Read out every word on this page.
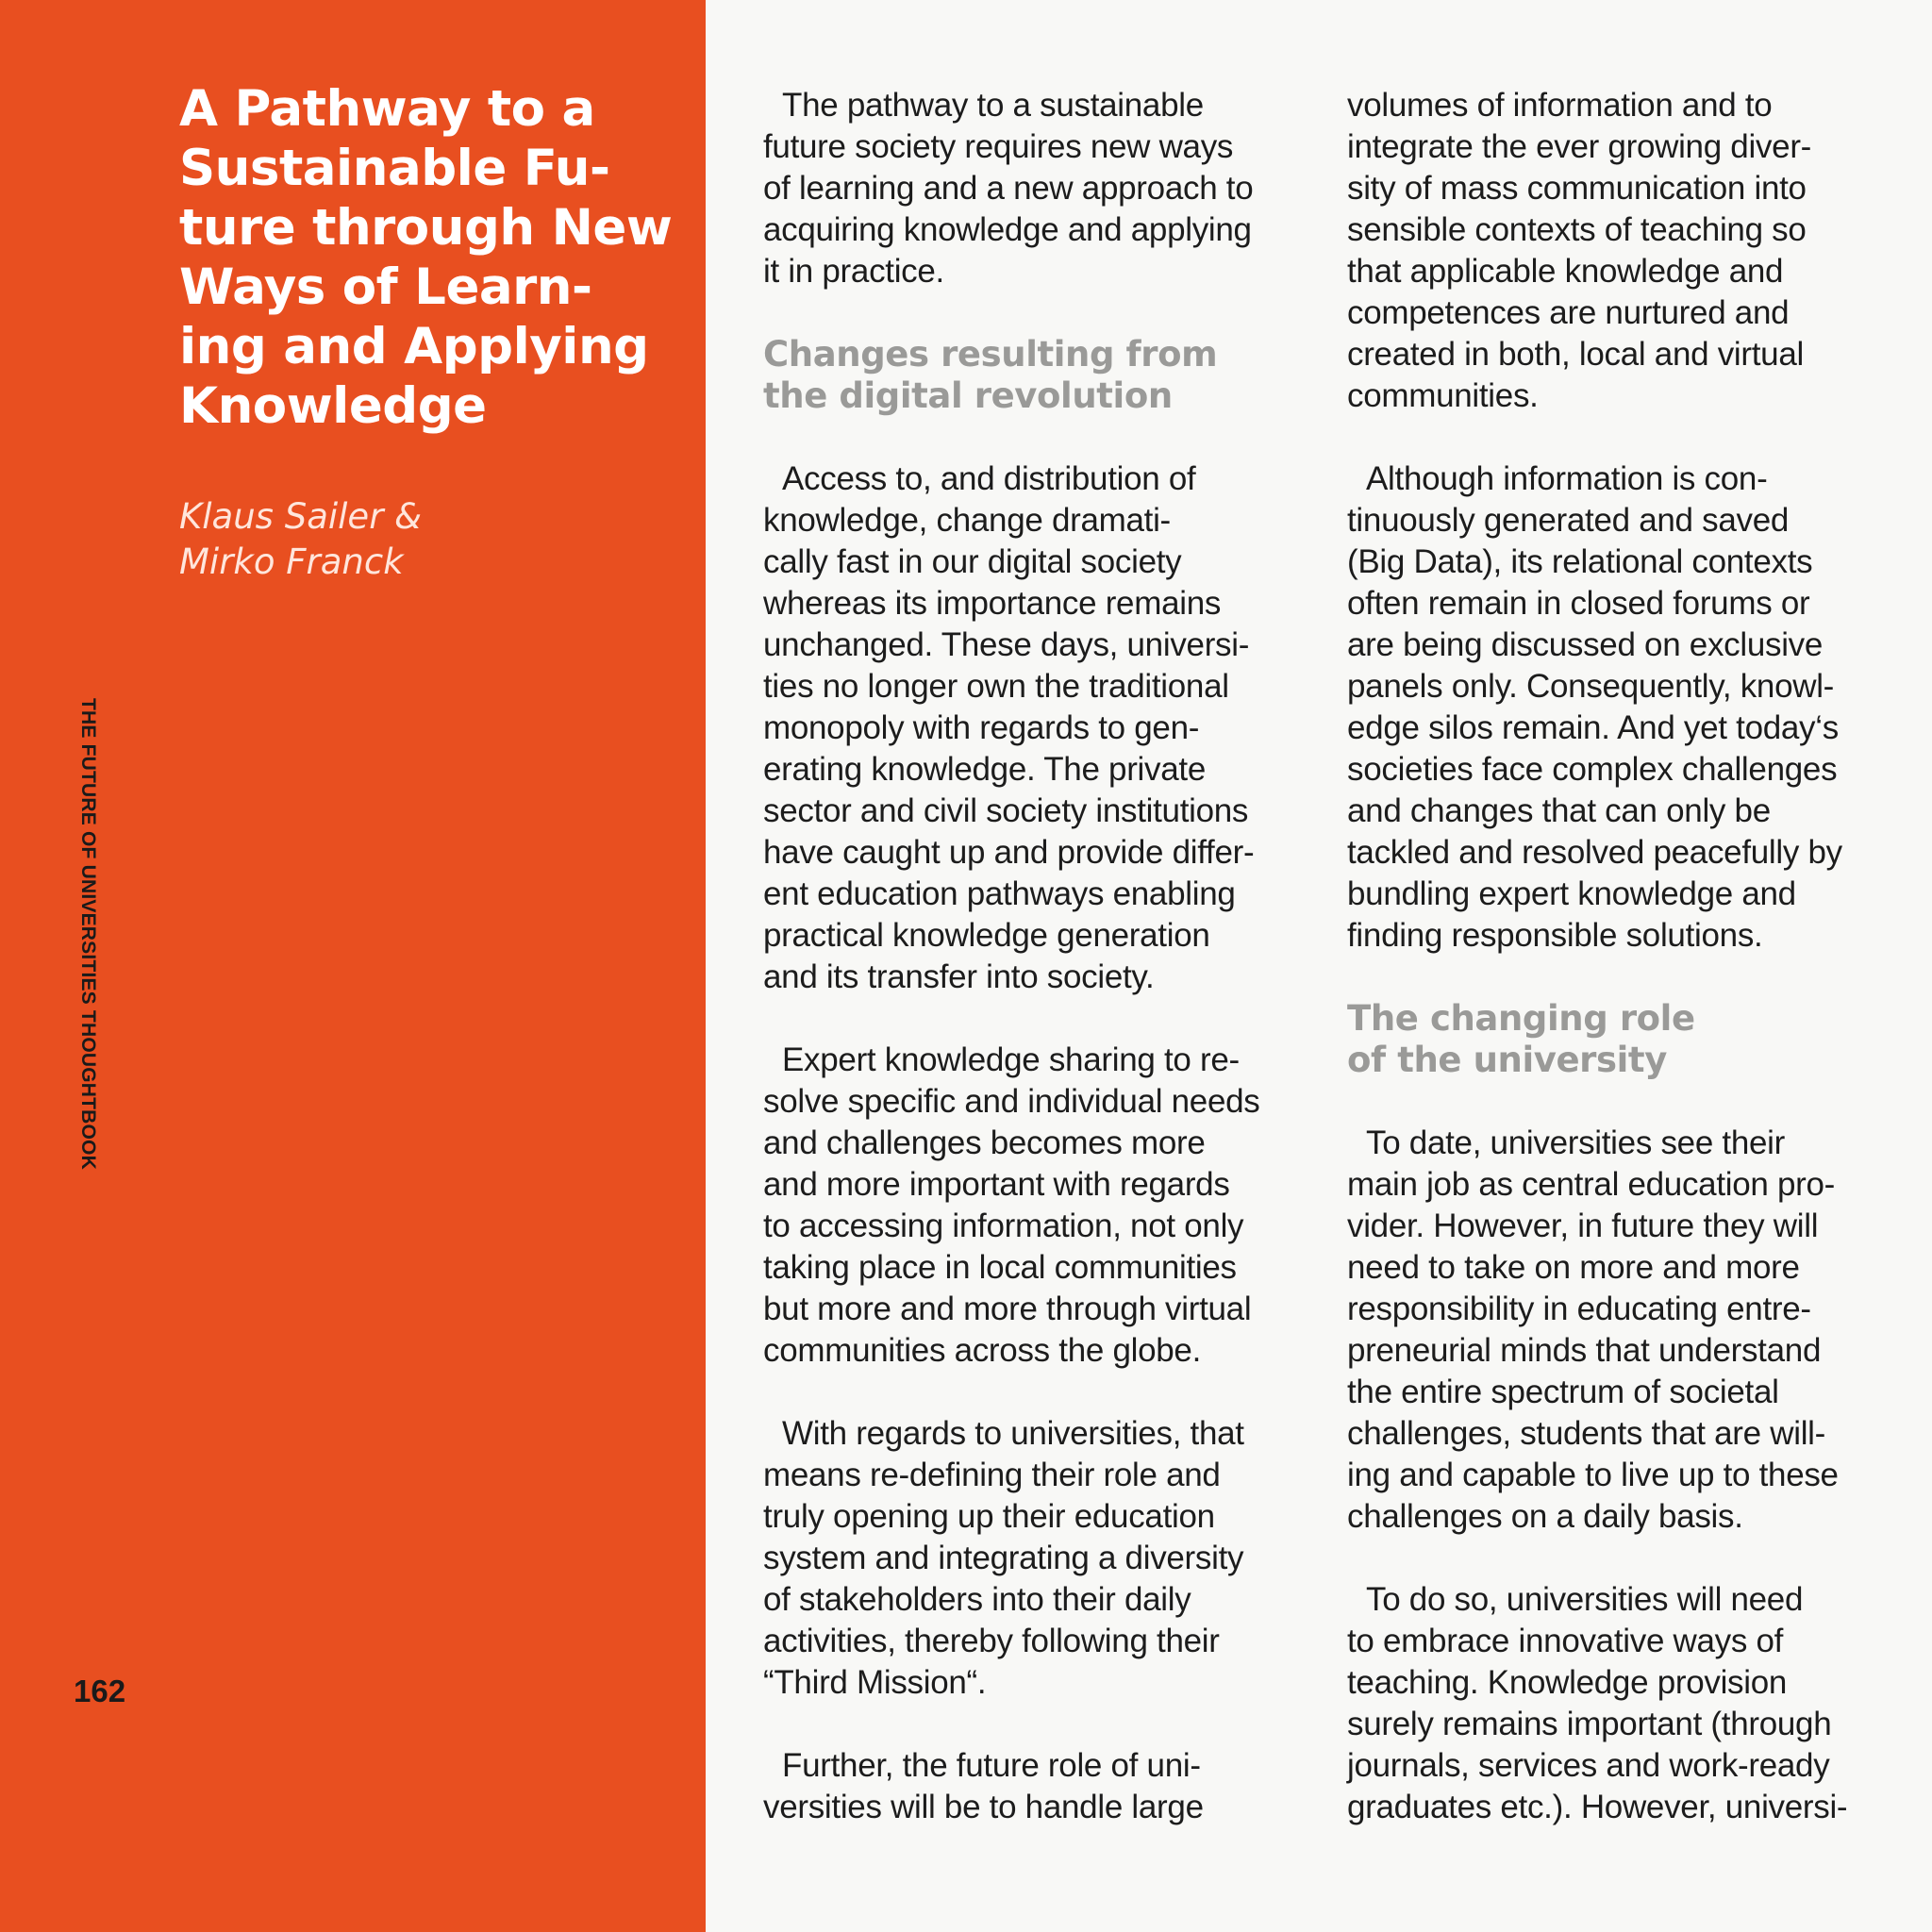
A Pathway to a
Sustainable Fu-
ture through New
Ways of Learn-
ing and Applying
Knowledge

Klaus Sailer &
Mirko Franck

THE FUTURE OF UNIVERSITIES THOUGHTBOOK
162
The pathway to a sustainable
future society requires new ways
of learning and a new approach to
acquiring knowledge and applying
it in practice.
Changes resulting from
the digital revolution
Access to, and distribution of
knowledge, change dramati-
cally fast in our digital society
whereas its importance remains
unchanged. These days, universi-
ties no longer own the traditional
monopoly with regards to gen-
erating knowledge. The private
sector and civil society institutions
have caught up and provide differ-
ent education pathways enabling
practical knowledge generation
and its transfer into society.
Expert knowledge sharing to re-
solve specific and individual needs
and challenges becomes more
and more important with regards
to accessing information, not only
taking place in local communities
but more and more through virtual
communities across the globe.
With regards to universities, that
means re-defining their role and
truly opening up their education
system and integrating a diversity
of stakeholders into their daily
activities, thereby following their
“Third Mission“.
Further, the future role of uni-
versities will be to handle large
volumes of information and to
integrate the ever growing diver-
sity of mass communication into
sensible contexts of teaching so
that applicable knowledge and
competences are nurtured and
created in both, local and virtual
communities.
Although information is con-
tinuously generated and saved
(Big Data), its relational contexts
often remain in closed forums or
are being discussed on exclusive
panels only. Consequently, knowl-
edge silos remain. And yet today‘s
societies face complex challenges
and changes that can only be
tackled and resolved peacefully by
bundling expert knowledge and
finding responsible solutions.
The changing role
of the university
To date, universities see their
main job as central education pro-
vider. However, in future they will
need to take on more and more
responsibility in educating entre-
preneurial minds that understand
the entire spectrum of societal
challenges, students that are will-
ing and capable to live up to these
challenges on a daily basis.
To do so, universities will need
to embrace innovative ways of
teaching. Knowledge provision
surely remains important (through
journals, services and work-ready
graduates etc.). However, universi-
